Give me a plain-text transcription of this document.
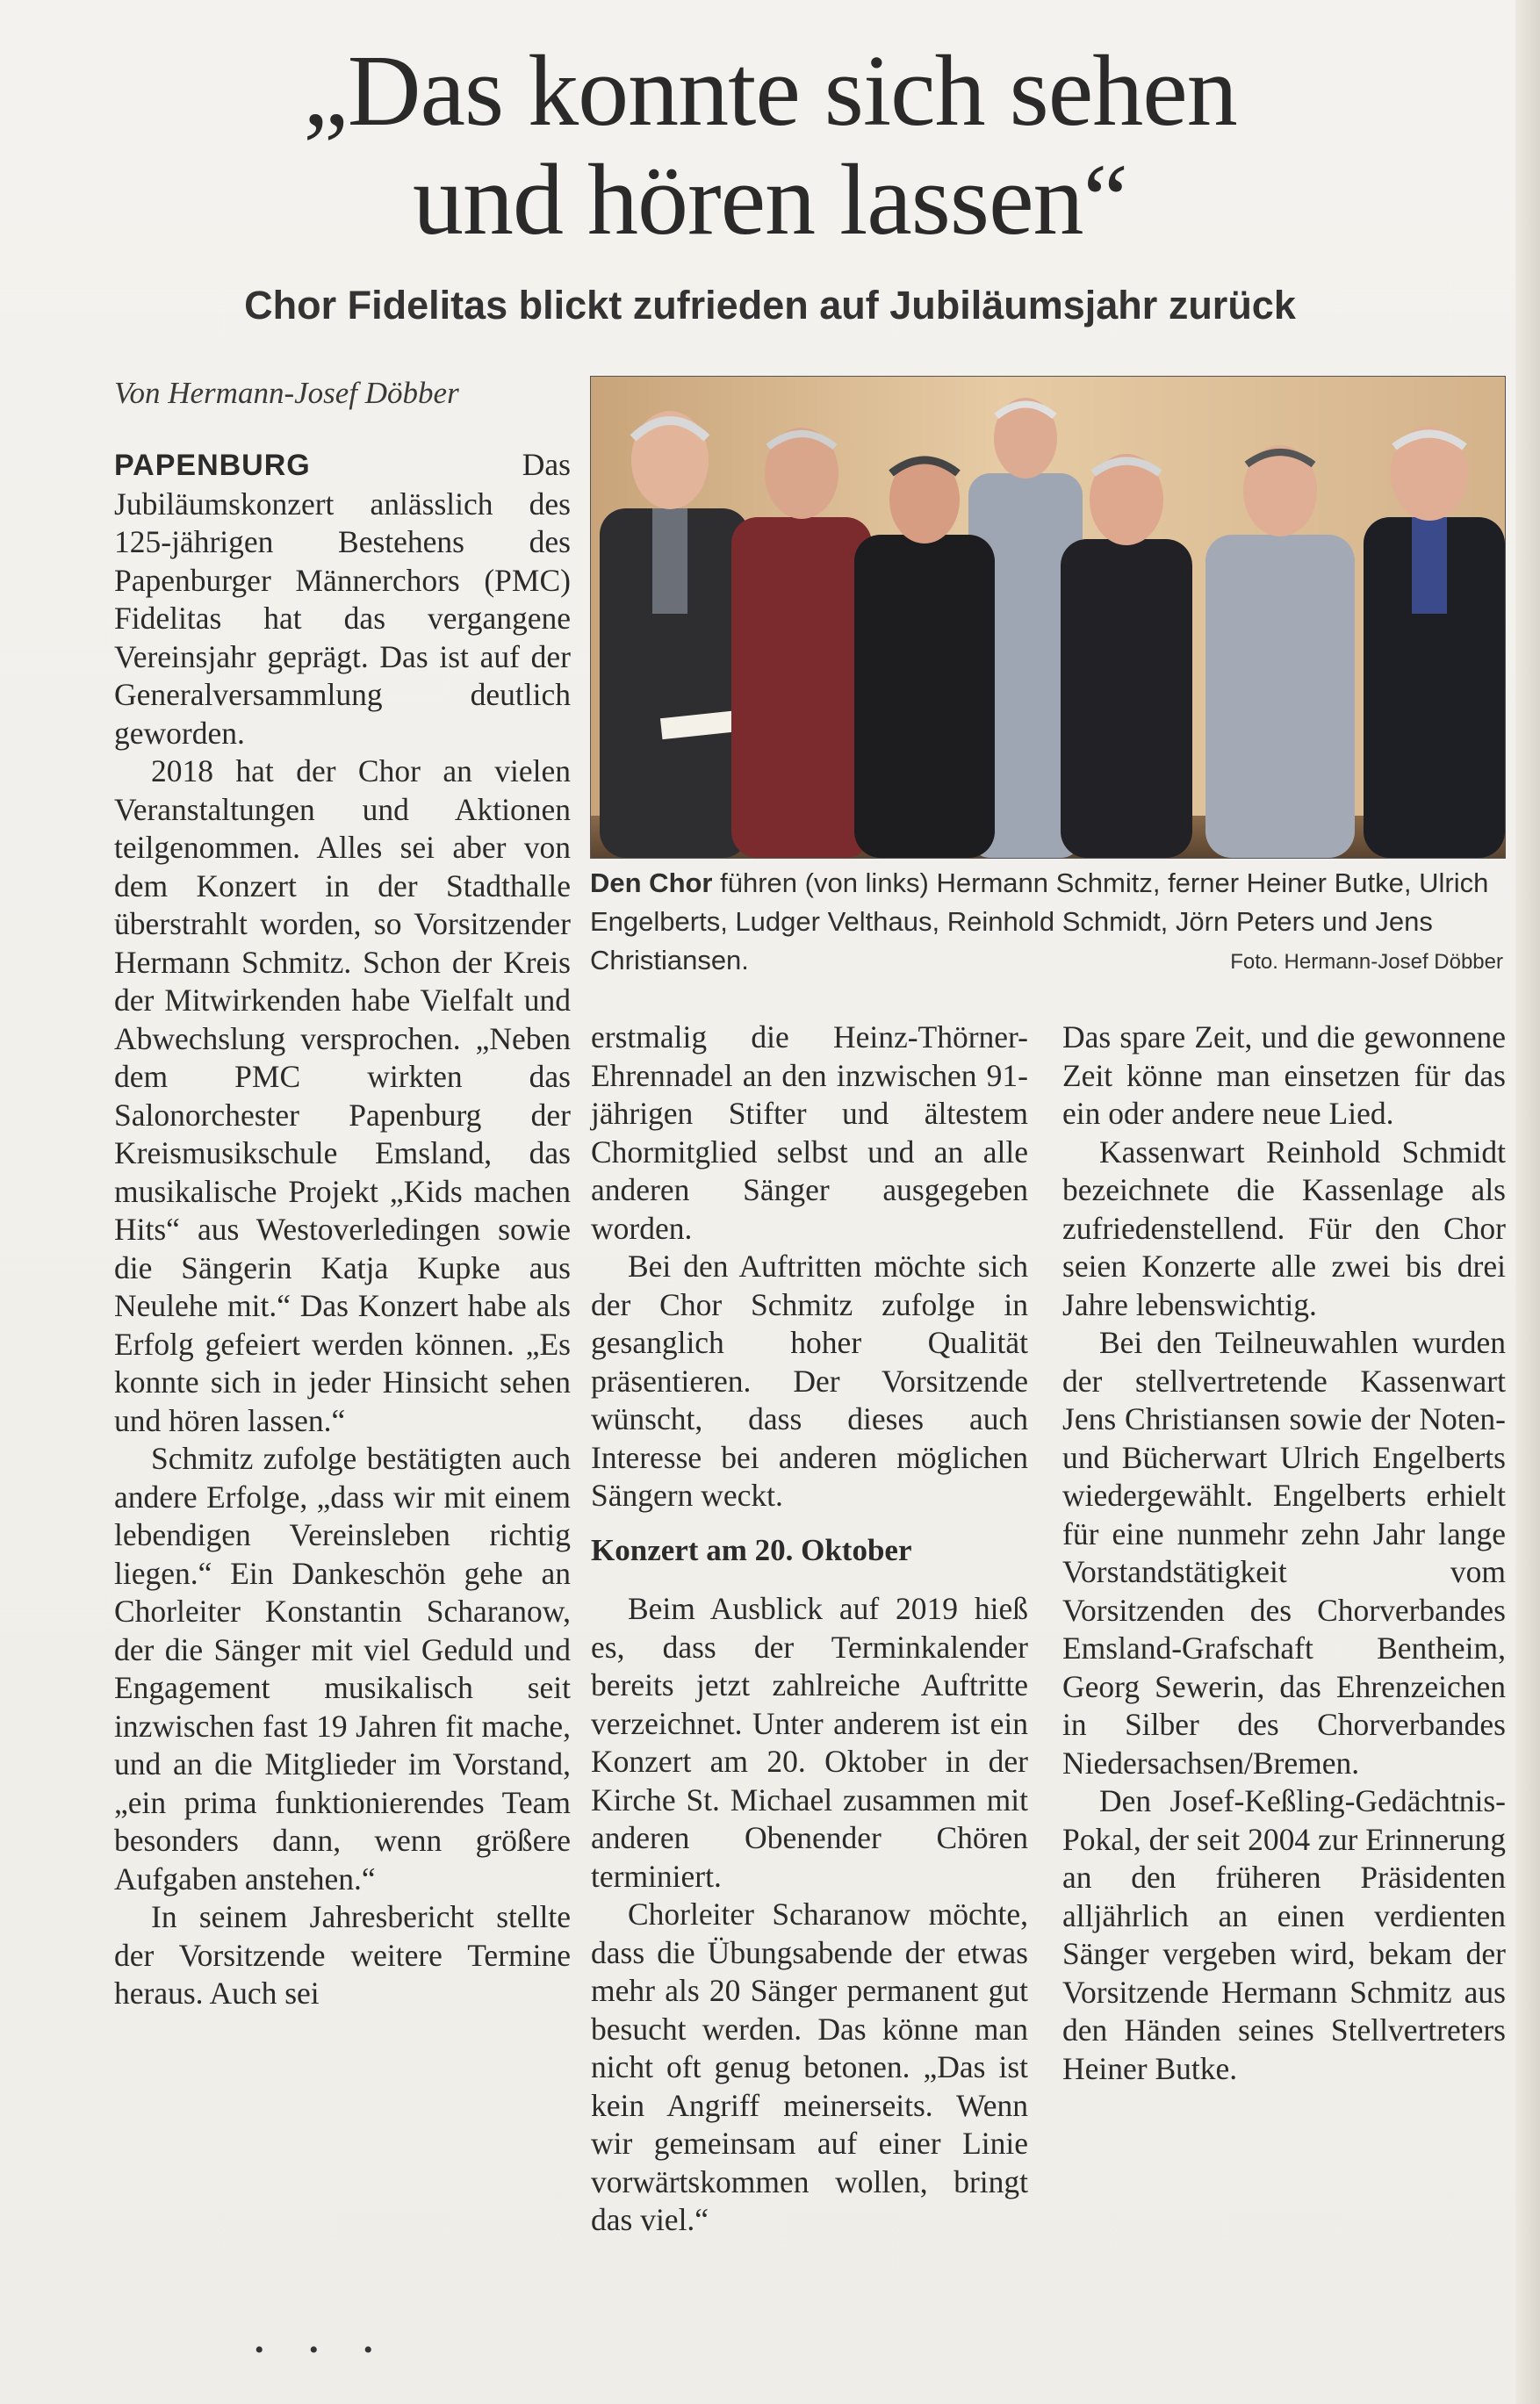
„Das konnte sich sehen
und hören lassen“
Chor Fidelitas blickt zufrieden auf Jubiläumsjahr zurück
Von Hermann-Josef Döbber
Den Chor führen (von links) Hermann Schmitz, ferner Heiner Butke, Ulrich Engelberts, Ludger Velthaus, Reinhold Schmidt, Jörn Peters und Jens Christiansen.	Foto. Hermann-Josef Döbber

PAPENBURG	Das Jubiläumskonzert anlässlich des 125-jährigen Bestehens des Papenburger Männerchors (PMC) Fidelitas hat das vergangene Vereinsjahr geprägt. Das ist auf der Generalversammlung deutlich geworden.

2018 hat der Chor an vielen Veranstaltungen und Aktionen teilgenommen. Alles sei aber von dem Konzert in der Stadthalle überstrahlt worden, so Vorsitzender Hermann Schmitz. Schon der Kreis der Mitwirkenden habe Vielfalt und Abwechslung versprochen. „Neben dem PMC wirkten das Salonorchester Papenburg der Kreismusikschule Emsland, das musikalische Projekt „Kids machen Hits“ aus Westoverledingen sowie die Sängerin Katja Kupke aus Neulehe mit.“ Das Konzert habe als Erfolg gefeiert werden können. „Es konnte sich in jeder Hinsicht sehen und hören lassen.“

Schmitz zufolge bestätigten auch andere Erfolge, „dass wir mit einem lebendigen Vereinsleben richtig liegen.“ Ein Dankeschön gehe an Chorleiter Konstantin Scharanow, der die Sänger mit viel Geduld und Engagement musikalisch seit inzwischen fast 19 Jahren fit mache, und an die Mitglieder im Vorstand, „ein prima funktionierendes Team besonders dann, wenn größere Aufgaben anstehen.“

In seinem Jahresbericht stellte der Vorsitzende weitere Termine heraus. Auch sei

erstmalig die Heinz-Thörner-Ehrennadel an den inzwischen 91-jährigen Stifter und ältestem Chormitglied selbst und an alle anderen Sänger ausgegeben worden.

Bei den Auftritten möchte sich der Chor Schmitz zufolge in gesanglich hoher Qualität präsentieren. Der Vorsitzende wünscht, dass dieses auch Interesse bei anderen möglichen Sängern weckt.

Konzert am 20. Oktober

Beim Ausblick auf 2019 hieß es, dass der Terminkalender bereits jetzt zahlreiche Auftritte verzeichnet. Unter anderem ist ein Konzert am 20. Oktober in der Kirche St. Michael zusammen mit anderen Obenender Chören terminiert.

Chorleiter Scharanow möchte, dass die Übungsabende der etwas mehr als 20 Sänger permanent gut besucht werden. Das könne man nicht oft genug betonen. „Das ist kein Angriff meinerseits. Wenn wir gemeinsam auf einer Linie vorwärtskommen wollen, bringt das viel.“

Das spare Zeit, und die gewonnene Zeit könne man einsetzen für das ein oder andere neue Lied.

Kassenwart Reinhold Schmidt bezeichnete die Kassenlage als zufriedenstellend. Für den Chor seien Konzerte alle zwei bis drei Jahre lebenswichtig.

Bei den Teilneuwahlen wurden der stellvertretende Kassenwart Jens Christiansen sowie der Noten- und Bücherwart Ulrich Engelberts wiedergewählt. Engelberts erhielt für eine nunmehr zehn Jahr lange Vorstandstätigkeit vom Vorsitzenden des Chorverbandes Emsland-Grafschaft Bentheim, Georg Sewerin, das Ehrenzeichen in Silber des Chorverbandes Niedersachsen/Bremen.

Den Josef-Keßling-Gedächtnis-Pokal, der seit 2004 zur Erinnerung an den früheren Präsidenten alljährlich an einen verdienten Sänger vergeben wird, bekam der Vorsitzende Hermann Schmitz aus den Händen seines Stellvertreters Heiner Butke.

• • •
